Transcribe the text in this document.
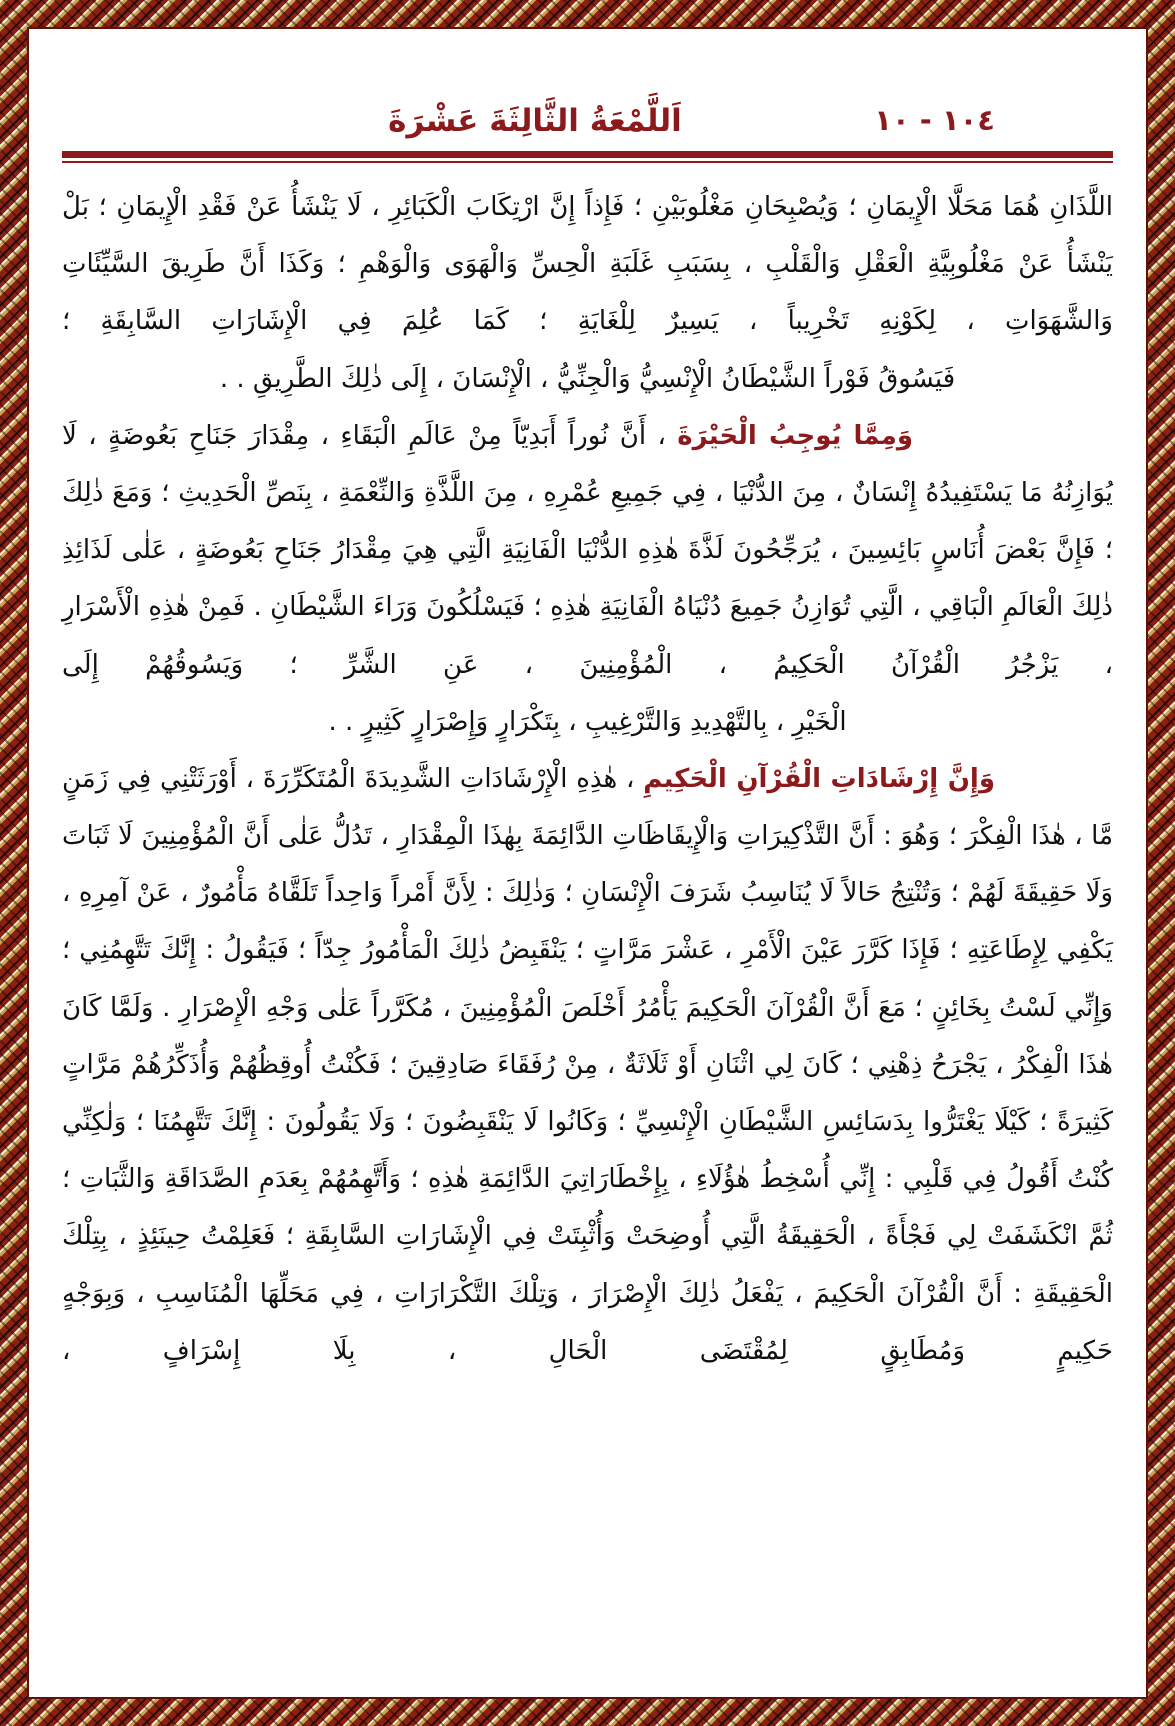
١٠٤ - ١٠
اَللَّمْعَةُ الثَّالِثَةَ عَشْرَةَ

اللَّذَانِ هُمَا مَحَلَّا الْإِيمَانِ ؛ وَيُصْبِحَانِ مَغْلُوبَيْنِ ؛ فَإِذاً إِنَّ ارْتِكَابَ الْكَبَائِرِ ، لَا يَنْشَأُ عَنْ فَقْدِ الْإِيمَانِ ؛ بَلْ يَنْشَأُ عَنْ مَغْلُوبِيَّةِ الْعَقْلِ وَالْقَلْبِ ، بِسَبَبِ غَلَبَةِ الْحِسِّ وَالْهَوَى وَالْوَهْمِ ؛ وَكَذَا أَنَّ طَرِيقَ السَّيِّئَاتِ وَالشَّهَوَاتِ ، لِكَوْنِهِ تَخْرِيباً ، يَسِيرٌ لِلْغَايَةِ ؛ كَمَا عُلِمَ فِي الْإِشَارَاتِ السَّابِقَةِ ؛

فَيَسُوقُ فَوْراً الشَّيْطَانُ الْإِنْسِيُّ وَالْجِنِّيُّ ، الْإِنْسَانَ ، إِلَى ذٰلِكَ الطَّرِيقِ . .

وَمِمَّا يُوجِبُ الْحَيْرَةَ ، أَنَّ نُوراً أَبَدِيّاً مِنْ عَالَمِ الْبَقَاءِ ، مِقْدَارَ جَنَاحِ بَعُوضَةٍ ، لَا يُوَازِنُهُ مَا يَسْتَفِيدُهُ إِنْسَانٌ ، مِنَ الدُّنْيَا ، فِي جَمِيعِ عُمْرِهِ ، مِنَ اللَّذَّةِ وَالنِّعْمَةِ ، بِنَصِّ الْحَدِيثِ ؛ وَمَعَ ذٰلِكَ ؛ فَإِنَّ بَعْضَ أُنَاسٍ بَائِسِينَ ، يُرَجِّحُونَ لَذَّةَ هٰذِهِ الدُّنْيَا الْفَانِيَةِ الَّتِي هِيَ مِقْدَارُ جَنَاحِ بَعُوضَةٍ ، عَلٰى لَذَائِذِ ذٰلِكَ الْعَالَمِ الْبَاقِي ، الَّتِي تُوَازِنُ جَمِيعَ دُنْيَاهُ الْفَانِيَةِ هٰذِهِ ؛ فَيَسْلُكُونَ وَرَاءَ الشَّيْطَانِ . فَمِنْ هٰذِهِ الْأَسْرَارِ ، يَزْجُرُ الْقُرْآنُ الْحَكِيمُ ، الْمُؤْمِنِينَ ، عَنِ الشَّرِّ ؛ وَيَسُوقُهُمْ إِلَى

الْخَيْرِ ، بِالتَّهْدِيدِ وَالتَّرْغِيبِ ، بِتَكْرَارٍ وَإِصْرَارٍ كَثِيرٍ . .

وَإِنَّ إِرْشَادَاتِ الْقُرْآنِ الْحَكِيمِ ، هٰذِهِ الْإِرْشَادَاتِ الشَّدِيدَةَ الْمُتَكَرِّرَةَ ، أَوْرَثَتْنِي فِي زَمَنٍ مَّا ، هٰذَا الْفِكْرَ ؛ وَهُوَ : أَنَّ التَّذْكِيرَاتِ وَالْإِيقَاظَاتِ الدَّائِمَةَ بِهٰذَا الْمِقْدَارِ ، تَدُلُّ عَلٰى أَنَّ الْمُؤْمِنِينَ لَا ثَبَاتَ وَلَا حَقِيقَةَ لَهُمْ ؛ وَتُنْتِجُ حَالاً لَا يُنَاسِبُ شَرَفَ الْإِنْسَانِ ؛ وَذٰلِكَ : لِأَنَّ أَمْراً وَاحِداً تَلَقَّاهُ مَأْمُورٌ ، عَنْ آمِرِهِ ، يَكْفِي لِإِطَاعَتِهِ ؛ فَإِذَا كَرَّرَ عَيْنَ الْأَمْرِ ، عَشْرَ مَرَّاتٍ ؛ يَنْقَبِضُ ذٰلِكَ الْمَأْمُورُ جِدّاً ؛ فَيَقُولُ : إِنَّكَ تَتَّهِمُنِي ؛ وَإِنِّي لَسْتُ بِخَائِنٍ ؛ مَعَ أَنَّ الْقُرْآنَ الْحَكِيمَ يَأْمُرُ أَخْلَصَ الْمُؤْمِنِينَ ، مُكَرَّراً عَلٰى وَجْهِ الْإِصْرَارِ . وَلَمَّا كَانَ هٰذَا الْفِكْرُ ، يَجْرَحُ ذِهْنِي ؛ كَانَ لِي اثْنَانِ أَوْ ثَلَاثَةٌ ، مِنْ رُفَقَاءَ صَادِقِينَ ؛ فَكُنْتُ أُوقِظُهُمْ وَأُذَكِّرُهُمْ مَرَّاتٍ كَثِيرَةً ؛ كَيْلَا يَغْتَرُّوا بِدَسَائِسِ الشَّيْطَانِ الْإِنْسِيِّ ؛ وَكَانُوا لَا يَنْقَبِضُونَ ؛ وَلَا يَقُولُونَ : إِنَّكَ تَتَّهِمُنَا ؛ وَلٰكِنِّي كُنْتُ أَقُولُ فِي قَلْبِي : إِنِّي أُسْخِطُ هٰؤُلَاءِ ، بِإِخْطَارَاتِيَ الدَّائِمَةِ هٰذِهِ ؛ وَأَتَّهِمُهُمْ بِعَدَمِ الصَّدَاقَةِ وَالثَّبَاتِ ؛ ثُمَّ انْكَشَفَتْ لِي فَجْأَةً ، الْحَقِيقَةُ الَّتِي أُوضِحَتْ وَأُثْبِتَتْ فِي الْإِشَارَاتِ السَّابِقَةِ ؛ فَعَلِمْتُ حِينَئِذٍ ، بِتِلْكَ الْحَقِيقَةِ : أَنَّ الْقُرْآنَ الْحَكِيمَ ، يَفْعَلُ ذٰلِكَ الْإِصْرَارَ ، وَتِلْكَ التَّكْرَارَاتِ ، فِي مَحَلِّهَا الْمُنَاسِبِ ، وَبِوَجْهٍ حَكِيمٍ وَمُطَابِقٍ لِمُقْتَضَى الْحَالِ ، بِلَا إِسْرَافٍ ،
